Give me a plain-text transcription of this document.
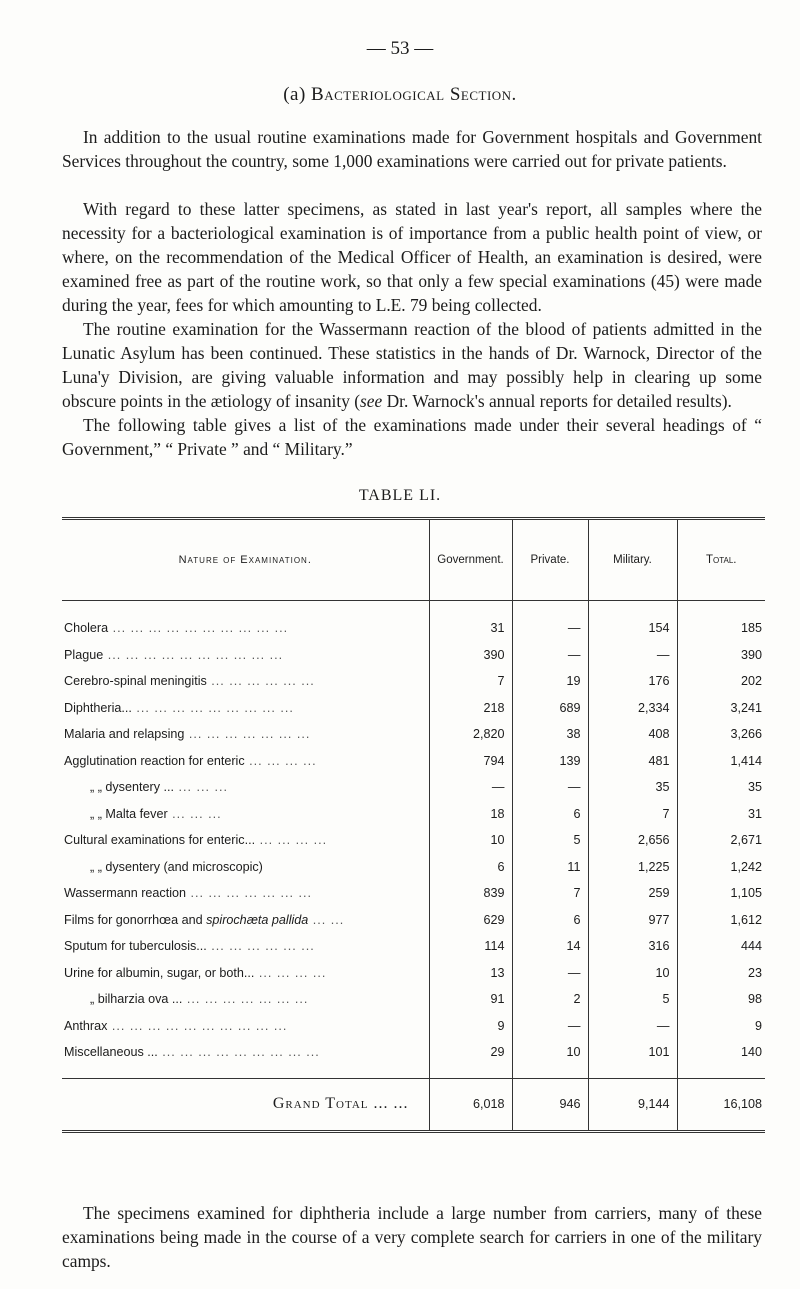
— 53 —
(a) Bacteriological Section.

In addition to the usual routine examinations made for Government hospitals and Government Services throughout the country, some 1,000 examinations were carried out for private patients.

With regard to these latter specimens, as stated in last year's report, all samples where the necessity for a bacteriological examination is of importance from a public health point of view, or where, on the recommendation of the Medical Officer of Health, an examination is desired, were examined free as part of the routine work, so that only a few special examinations (45) were made during the year, fees for which amounting to L.E. 79 being collected.

The routine examination for the Wassermann reaction of the blood of patients admitted in the Lunatic Asylum has been continued. These statistics in the hands of Dr. Warnock, Director of the Luna'y Division, are giving valuable information and may possibly help in clearing up some obscure points in the ætiology of insanity (see Dr. Warnock's annual reports for detailed results).

The following table gives a list of the examinations made under their several headings of “ Government,” “ Private ” and “ Military.”

TABLE LI.
Nature of Examination.	Government.	Private.	Military.	Total.

Cholera ... ... ... ... ... ... ... ... ... ...	31	—	154	185
Plague ... ... ... ... ... ... ... ... ... ...	390	—	—	390
Cerebro-spinal meningitis ... ... ... ... ... ...	7	19	176	202
Diphtheria... ... ... ... ... ... ... ... ... ...	218	689	2,334	3,241
Malaria and relapsing ... ... ... ... ... ... ...	2,820	38	408	3,266
Agglutination reaction for enteric ... ... ... ...	794	139	481	1,414
„ „ dysentery ... ... ... ...	—	—	35	35
„ „ Malta fever ... ... ...	18	6	7	31
Cultural examinations for enteric... ... ... ... ...	10	5	2,656	2,671
„ „ dysentery (and microscopic)	6	11	1,225	1,242
Wassermann reaction ... ... ... ... ... ... ...	839	7	259	1,105
Films for gonorrhœa and spirochæta pallida ... ...	629	6	977	1,612
Sputum for tuberculosis... ... ... ... ... ... ...	114	14	316	444
Urine for albumin, sugar, or both... ... ... ... ...	13	—	10	23
„ bilharzia ova ... ... ... ... ... ... ... ...	91	2	5	98
Anthrax ... ... ... ... ... ... ... ... ... ...	9	—	—	9
Miscellaneous ... ... ... ... ... ... ... ... ... ...	29	10	101	140

Grand Total ... ...	6,018	946	9,144	16,108

The specimens examined for diphtheria include a large number from carriers, many of these examinations being made in the course of a very complete search for carriers in one of the military camps.
